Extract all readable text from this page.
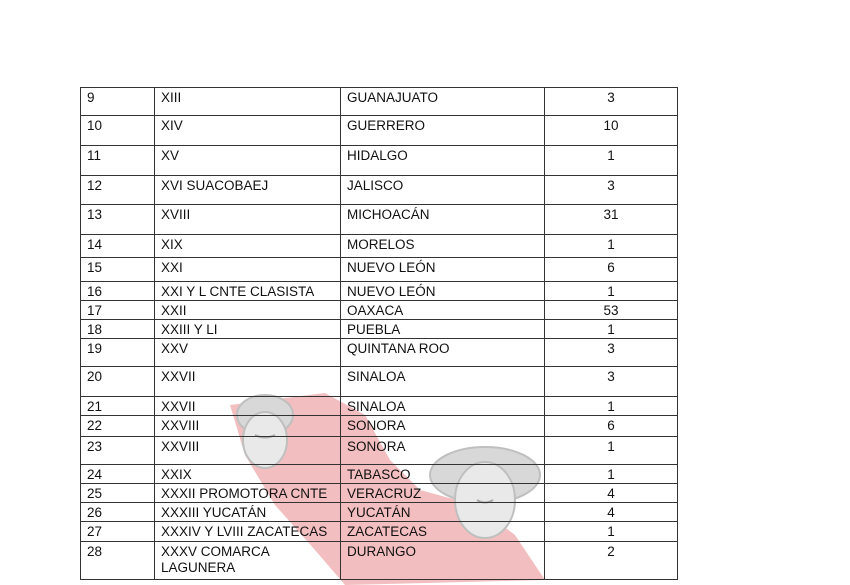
9	XIII	GUANAJUATO	3
10	XIV	GUERRERO	10
11	XV	HIDALGO	1
12	XVI SUACOBAEJ	JALISCO	3
13	XVIII	MICHOACÁN	31
14	XIX	MORELOS	1
15	XXI	NUEVO LEÓN	6
16	XXI Y L CNTE CLASISTA	NUEVO LEÓN	1
17	XXII	OAXACA	53
18	XXIII Y LI	PUEBLA	1
19	XXV	QUINTANA ROO	3
20	XXVII	SINALOA	3
21	XXVII	SINALOA	1
22	XXVIII	SONORA	6
23	XXVIII	SONORA	1
24	XXIX	TABASCO	1
25	XXXII PROMOTORA CNTE	VERACRUZ	4
26	XXXIII YUCATÁN	YUCATÁN	4
27	XXXIV Y LVIII ZACATECAS	ZACATECAS	1
28	XXXV COMARCA LAGUNERA	DURANGO	2
